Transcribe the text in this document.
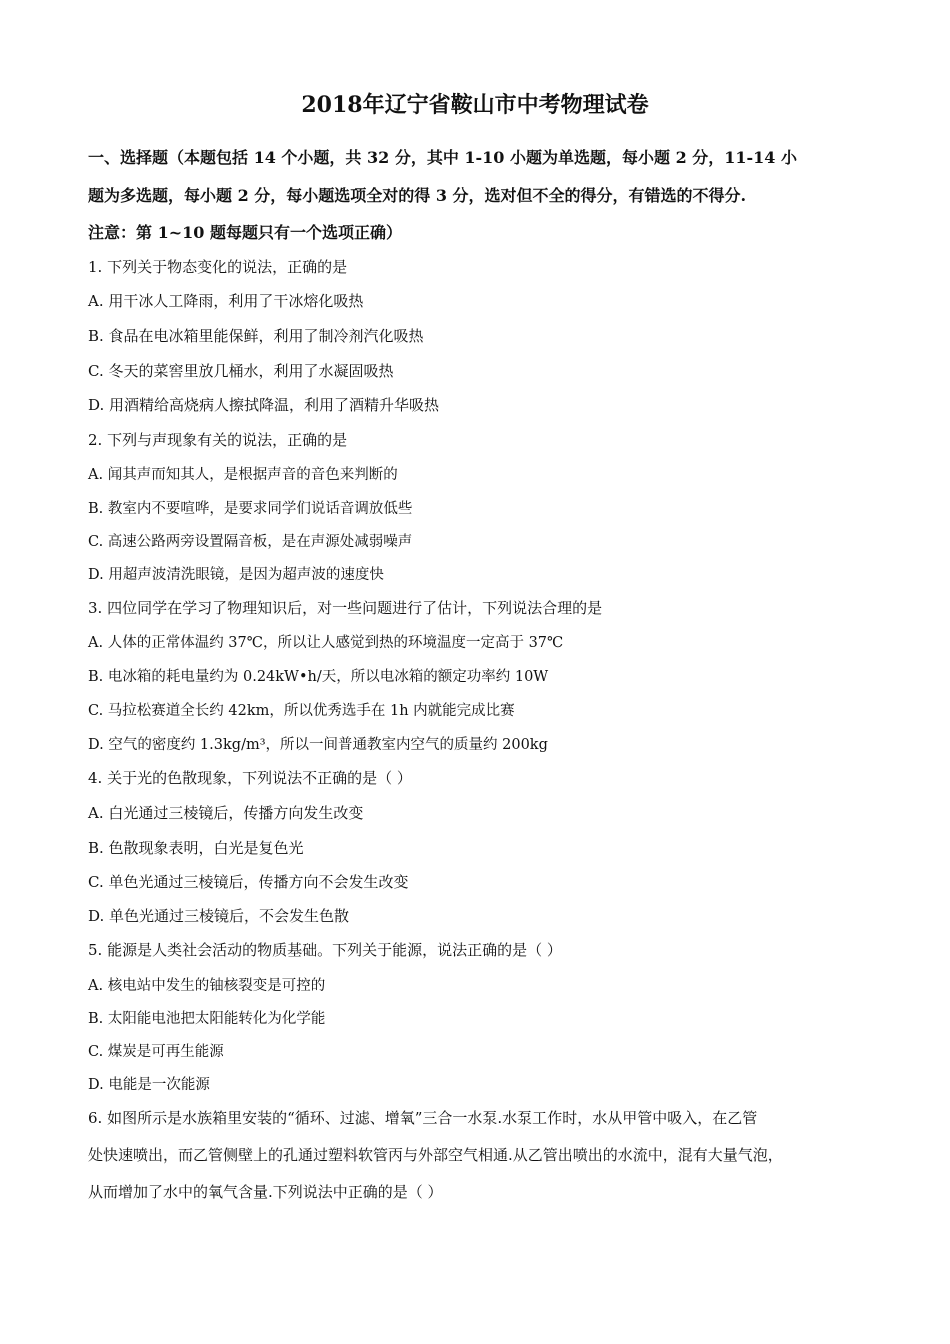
2018年辽宁省鞍山市中考物理试卷
一、选择题（本题包括 14 个小题，共 32 分，其中 1-10 小题为单选题，每小题 2 分，11-14 小
题为多选题，每小题 2 分，每小题选项全对的得 3 分，选对但不全的得分，有错选的不得分.
注意：第 1~10 题每题只有一个选项正确）
1. 下列关于物态变化的说法，正确的是
A. 用干冰人工降雨，利用了干冰熔化吸热
B. 食品在电冰箱里能保鲜，利用了制冷剂汽化吸热
C. 冬天的菜窖里放几桶水，利用了水凝固吸热
D. 用酒精给高烧病人擦拭降温，利用了酒精升华吸热
2. 下列与声现象有关的说法，正确的是
A. 闻其声而知其人，是根据声音的音色来判断的
B. 教室内不要喧哗，是要求同学们说话音调放低些
C. 高速公路两旁设置隔音板，是在声源处减弱噪声
D. 用超声波清洗眼镜，是因为超声波的速度快
3. 四位同学在学习了物理知识后，对一些问题进行了估计，下列说法合理的是
A. 人体的正常体温约 37℃，所以让人感觉到热的环境温度一定高于 37℃
B. 电冰箱的耗电量约为 0.24kW•h/天，所以电冰箱的额定功率约 10W
C. 马拉松赛道全长约 42km，所以优秀选手在 1h 内就能完成比赛
D. 空气的密度约 1.3kg/m³，所以一间普通教室内空气的质量约 200kg
4. 关于光的色散现象，下列说法不正确的是（ ）
A. 白光通过三棱镜后，传播方向发生改变
B. 色散现象表明，白光是复色光
C. 单色光通过三棱镜后，传播方向不会发生改变
D. 单色光通过三棱镜后，不会发生色散
5. 能源是人类社会活动的物质基础。下列关于能源，说法正确的是（ ）
A. 核电站中发生的铀核裂变是可控的
B. 太阳能电池把太阳能转化为化学能
C. 煤炭是可再生能源
D. 电能是一次能源
6. 如图所示是水族箱里安装的“循环、过滤、增氧”三合一水泵.水泵工作时，水从甲管中吸入，在乙管
处快速喷出，而乙管侧壁上的孔通过塑料软管丙与外部空气相通.从乙管出喷出的水流中，混有大量气泡，
从而增加了水中的氧气含量.下列说法中正确的是（ ）
